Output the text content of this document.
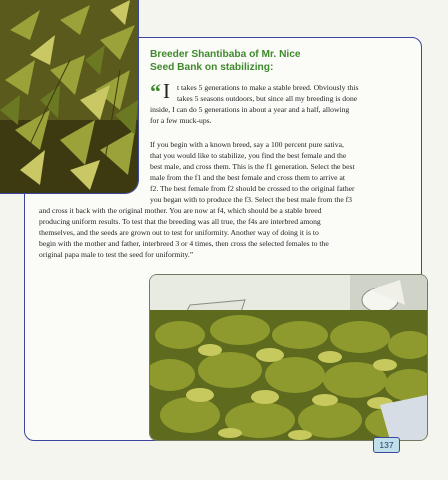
Breeder Shantibaba of Mr. Nice
Seed Bank on stabilizing:
“ I t takes 5 generations to make a stable breed. Obviously this
takes 5 seasons outdoors, but since all my breeding is done
inside, I can do 5 generations in about a year and a half, allowing
for a few muck-ups.
If you begin with a known breed, say a 100 percent pure sativa,
that you would like to stabilize, you find the best female and the
best male, and cross them. This is the f1 generation. Select the best
male from the f1 and the best female and cross them to arrive at
f2. The best female from f2 should be crossed to the original father
you began with to produce the f3. Select the best male from the f3
and cross it back with the original mother. You are now at f4, which should be a stable breed
producing uniform results. To test that the breeding was all true, the f4s are interbred among
themselves, and the seeds are grown out to test for uniformity. Another way of doing it is to
begin with the mother and father, interbreed 3 or 4 times, then cross the selected females to the
original papa male to test the seed for uniformity.”
137
